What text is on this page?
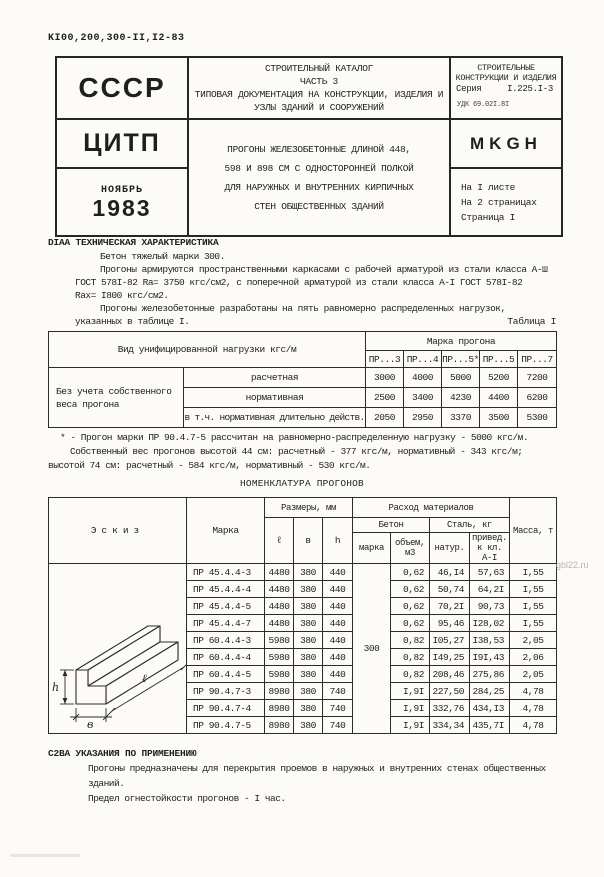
KI00,200,300-II,I2-83
СССР

СТРОИТЕЛЬНЫЙ КАТАЛОГ
ЧАСТЬ 3
ТИПОВАЯ ДОКУМЕНТАЦИЯ НА КОНСТРУКЦИИ, ИЗДЕЛИЯ И
УЗЛЫ ЗДАНИЙ И СООРУЖЕНИЙ

СТРОИТЕЛЬНЫЕ
КОНСТРУКЦИИ И ИЗДЕЛИЯ
Серия	I.225.I-3
УДК 69.02I.8I

ЦИТП	ПРОГОНЫ ЖЕЛЕЗОБЕТОННЫЕ ДЛИНОЙ 448,
598 И 898 СМ С ОДНОСТОРОННЕЙ ПОЛКОЙ
ДЛЯ НАРУЖНЫХ И ВНУТРЕННИХ КИРПИЧНЫХ
СТЕН ОБЩЕСТВЕННЫХ ЗДАНИЙ	MKGH

НОЯБРЬ
1983

На I листе
На 2 страницах
Страница I
DIAA ТЕХНИЧЕСКАЯ ХАРАКТЕРИСТИКА
Бетон тяжелый марки 300.
Прогоны армируются пространственными каркасами с рабочей арматурой из стали класса А-Ш
ГОСТ 578I-82 Rа= 3750 кгс/см2, с поперечной арматурой из стали класса А-I ГОСТ 578I-82
Rах= I800 кгс/см2.
Прогоны железобетонные разработаны на пять равномерно распределенных нагрузок,
указанных в таблице I.	Таблица I
Вид унифицированной нагрузки кгс/м		Марка прогона				
		ПР...3	ПР...4	ПР...5*	ПР...5	ПР...7
Без учета собственного веса прогона	расчетная	3000	4000	5000	5200	7200
	нормативная	2500	3400	4230	4400	6200
	в т.ч. нормативная длительно действ.	2050	2950	3370	3500	5300
* - Прогон марки ПР 90.4.7-5 рассчитан на равномерно-распределенную нагрузку - 5000 кгс/м.
Собственный вес прогонов высотой 44 см: расчетный - 377 кгс/м, нормативный - 343 кгс/м;
высотой 74 см: расчетный - 584 кгс/м, нормативный - 530 кгс/м.
НОМЕНКЛАТУРА ПРОГОНОВ
Эскиз	Марка	Размеры, мм			Расход материалов				Масса, т
		ℓ	в	h	Бетон		Сталь, кг		
					марка	объем, м3	натур.	привед. к кл. А-I	

h
в
ℓ	ПР 45.4.4-3	4480	380	440	300	0,62	46,I4	57,63	I,55
	ПР 45.4.4-4	4480	380	440		0,62	50,74	64,2I	I,55
	ПР 45.4.4-5	4480	380	440		0,62	70,2I	90,73	I,55
	ПР 45.4.4-7	4480	380	440		0,62	95,46	I28,02	I,55
	ПР 60.4.4-3	5980	380	440		0,82	I05,27	I38,53	2,05
	ПР 60.4.4-4	5980	380	440		0,82	I49,25	I9I,43	2,06
	ПР 60.4.4-5	5980	380	440		0,82	208,46	275,86	2,05
	ПР 90.4.7-3	8980	380	740		I,9I	227,50	284,25	4,78
	ПР 90.4.7-4	8980	380	740		I,9I	332,76	434,I3	4,78
	ПР 90.4.7-5	8980	380	740		I,9I	334,34	435,7I	4,78
С2ВА УКАЗАНИЯ ПО ПРИМЕНЕНИЮ
Прогоны предназначены для перекрытия проемов в наружных и внутренних стенах общественных
зданий.
Предел огнестойкости прогонов - I час.
gbl22.ru
